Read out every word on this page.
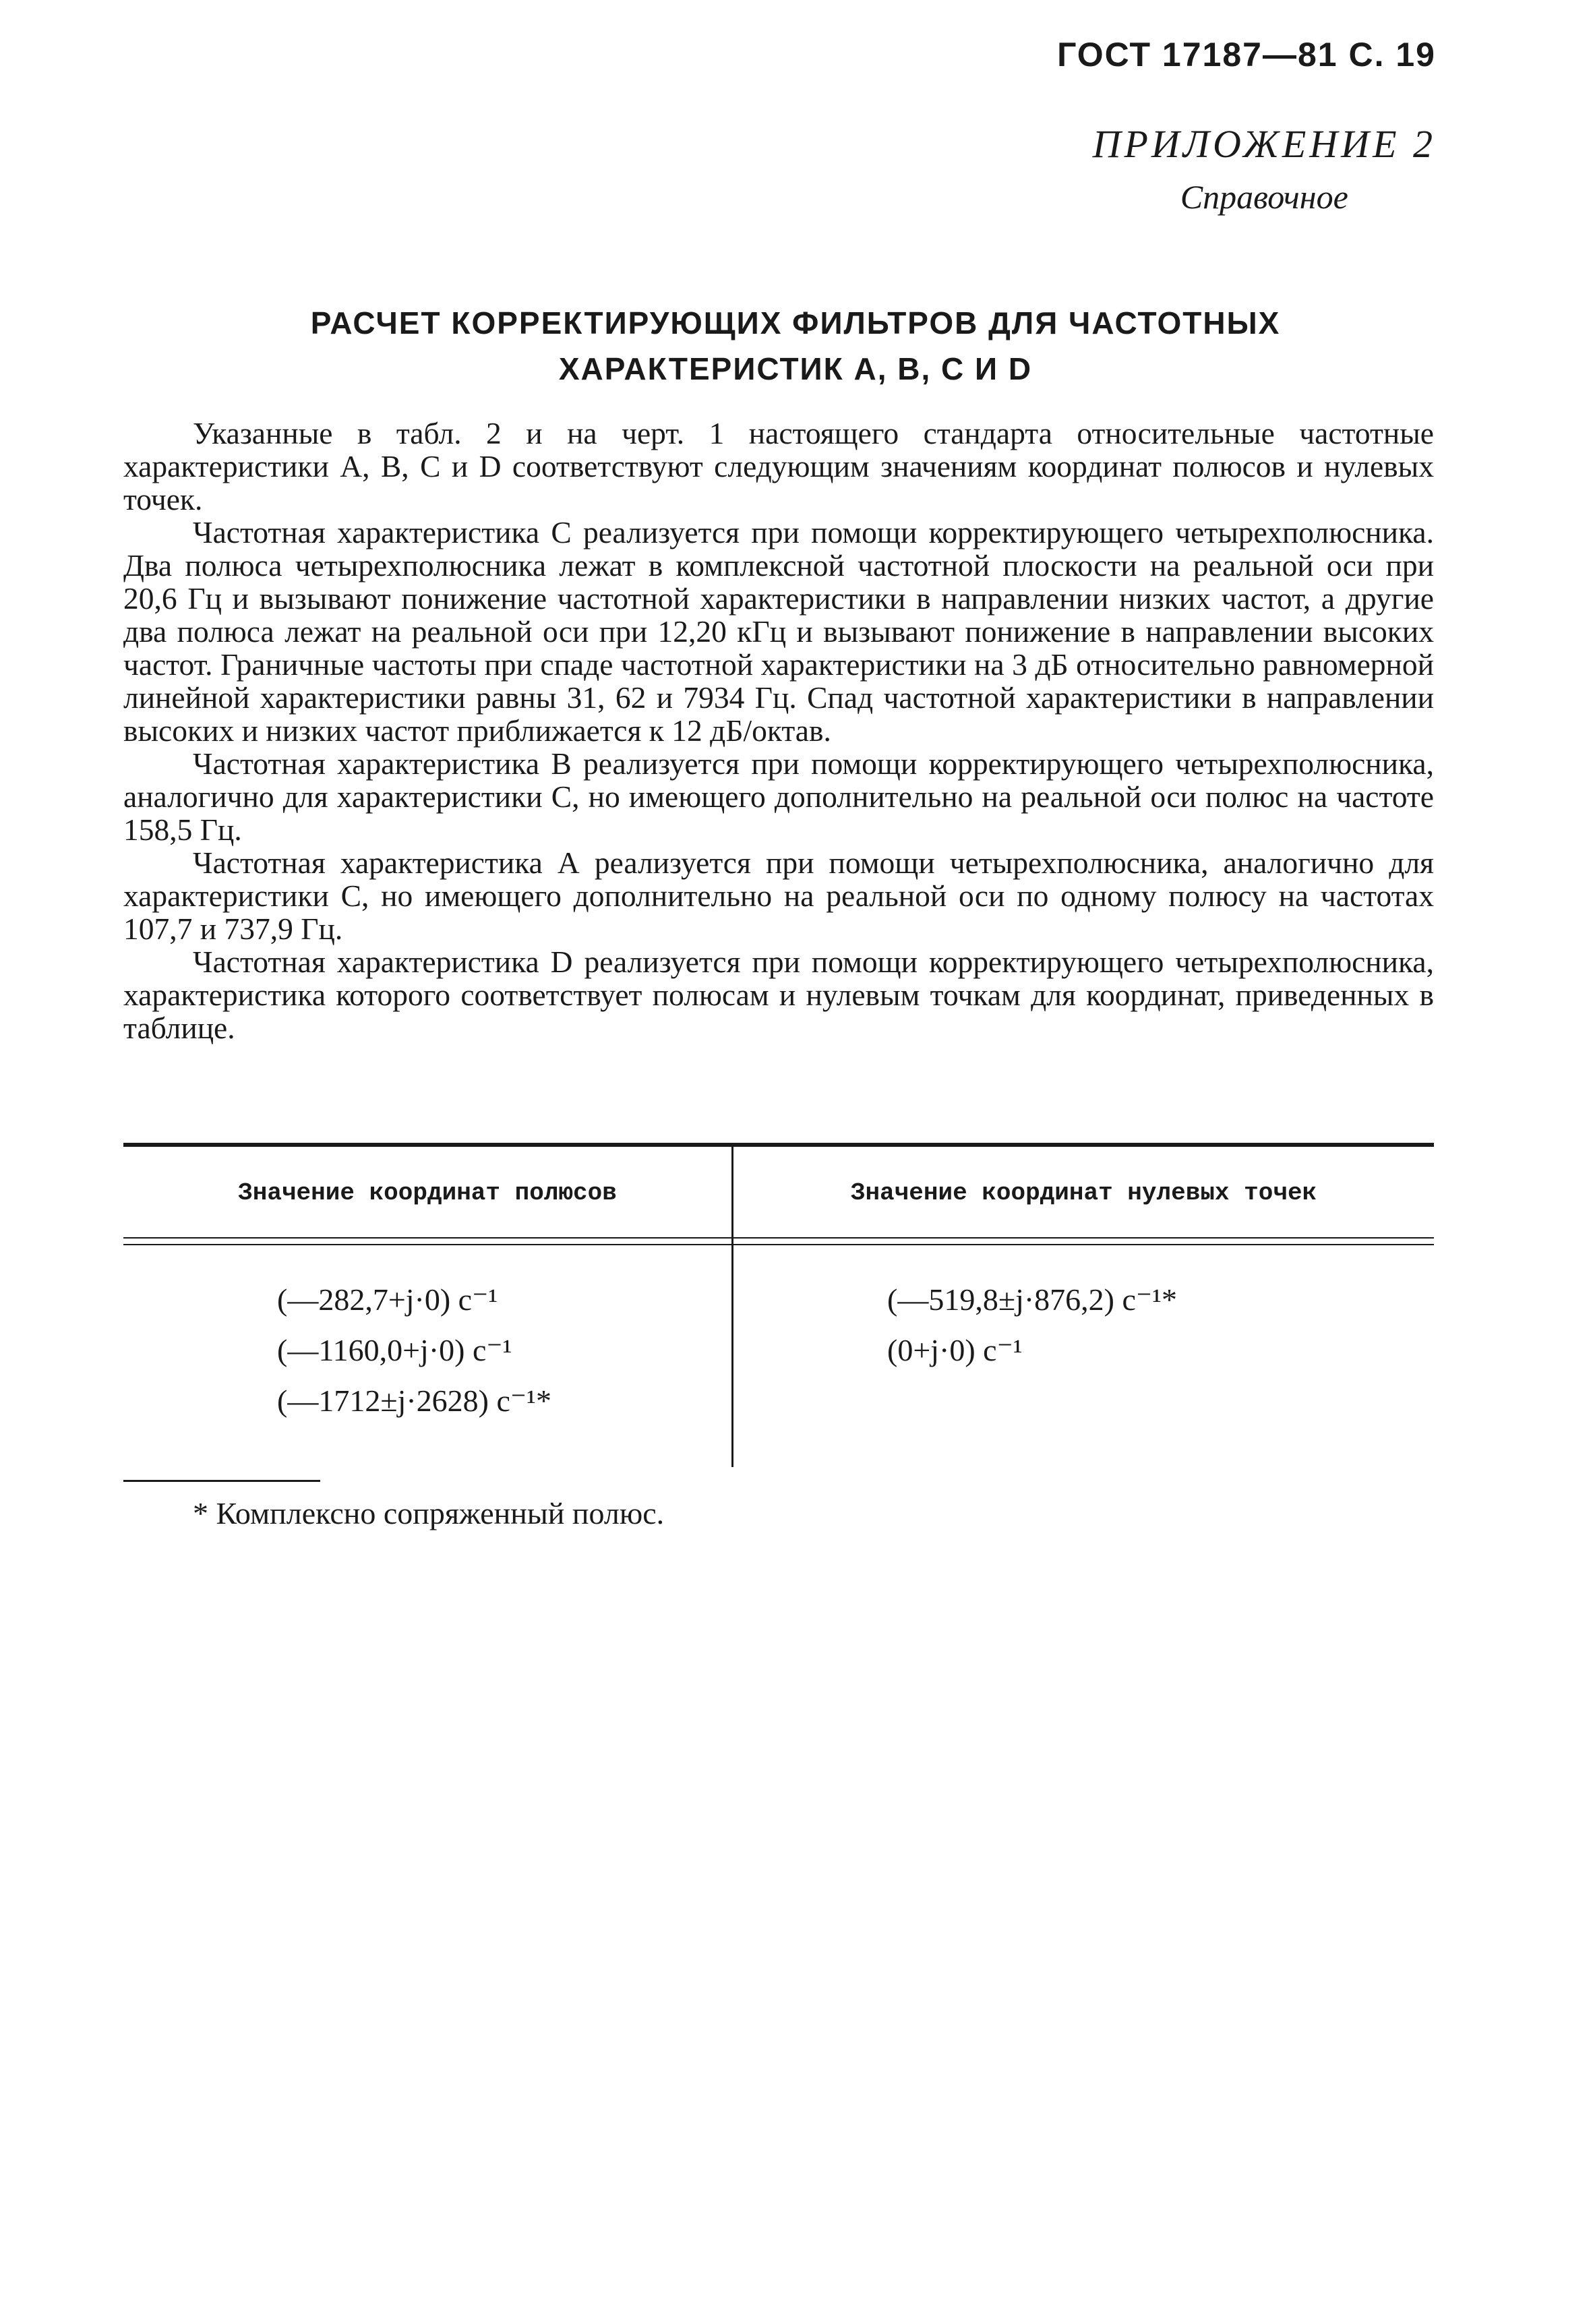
ГОСТ 17187—81 С. 19
ПРИЛОЖЕНИЕ 2
Справочное
РАСЧЕТ КОРРЕКТИРУЮЩИХ ФИЛЬТРОВ ДЛЯ ЧАСТОТНЫХ
ХАРАКТЕРИСТИК А, В, С И D

Указанные в табл. 2 и на черт. 1 настоящего стандарта относительные частотные характеристики А, В, С и D соответствуют следующим значениям координат полюсов и нулевых точек.

Частотная характеристика С реализуется при помощи корректирующего четырехполюсника. Два полюса четырехполюсника лежат в комплексной частотной плоскости на реальной оси при 20,6 Гц и вызывают понижение частотной характеристики в направлении низких частот, а другие два полюса лежат на реальной оси при 12,20 кГц и вызывают понижение в направлении высоких частот. Граничные частоты при спаде частотной характеристики на 3 дБ относительно равномерной линейной характеристики равны 31, 62 и 7934 Гц. Спад частотной характеристики в направлении высоких и низких частот приближается к 12 дБ/октав.

Частотная характеристика В реализуется при помощи корректирующего четырехполюсника, аналогично для характеристики С, но имеющего дополнительно на реальной оси полюс на частоте 158,5 Гц.

Частотная характеристика А реализуется при помощи четырехполюсника, аналогично для характеристики С, но имеющего дополнительно на реальной оси по одному полюсу на частотах 107,7 и 737,9 Гц.

Частотная характеристика D реализуется при помощи корректирующего четырехполюсника, характеристика которого соответствует полюсам и нулевым точкам для координат, приведенных в таблице.

Значение координат полюсов	Значение координат нулевых точек
(—282,7+j·0) с⁻¹
(—1160,0+j·0) с⁻¹
(—1712±j·2628) с⁻¹*
(—519,8±j·876,2) с⁻¹*
(0+j·0) с⁻¹
* Комплексно сопряженный полюс.
